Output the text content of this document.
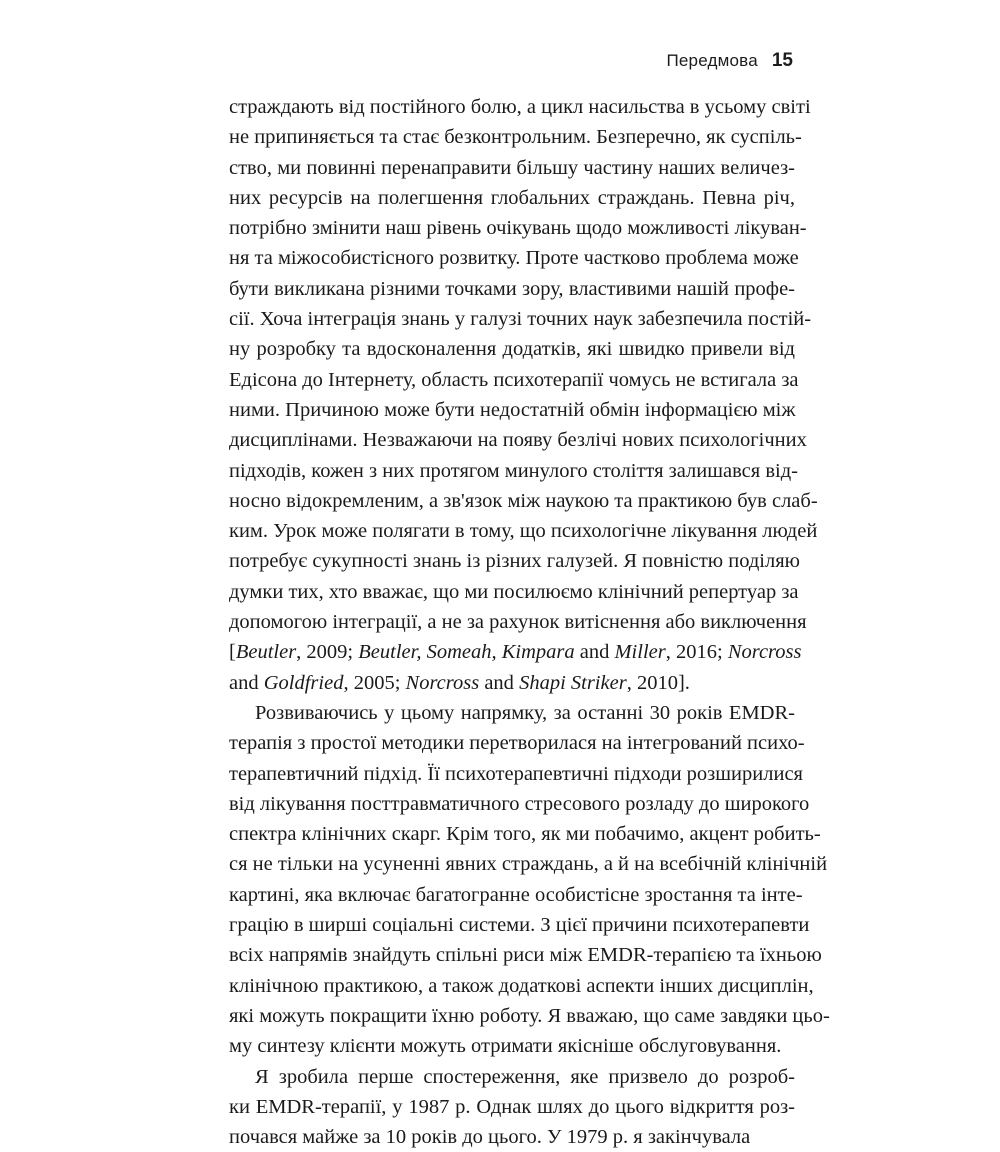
Передмова 15
страждають від постійного болю, а цикл насильства в усьому світі
не припиняється та стає безконтрольним. Безперечно, як суспіль-
ство, ми повинні перенаправити більшу частину наших величез-
них ресурсів на полегшення глобальних страждань. Певна річ,
потрібно змінити наш рівень очікувань щодо можливості лікуван-
ня та міжособистісного розвитку. Проте частково проблема може
бути викликана різними точками зору, властивими нашій профе-
сії. Хоча інтеграція знань у галузі точних наук забезпечила постій-
ну розробку та вдосконалення додатків, які швидко привели від
Едісона до Інтернету, область психотерапії чомусь не встигала за
ними. Причиною може бути недостатній обмін інформацією між
дисциплінами. Незважаючи на появу безлічі нових психологічних
підходів, кожен з них протягом минулого століття залишався від-
носно відокремленим, а зв'язок між наукою та практикою був слаб-
ким. Урок може полягати в тому, що психологічне лікування людей
потребує сукупності знань із різних галузей. Я повністю поділяю
думки тих, хто вважає, що ми посилюємо клінічний репертуар за
допомогою інтеграції, а не за рахунок витіснення або виключення
[Beutler, 2009; Beutler, Someah, Kimpara and Miller, 2016; Norcross
and Goldfried, 2005; Norcross and Shapi Striker, 2010].
Розвиваючись у цьому напрямку, за останні 30 років EMDR-
терапія з простої методики перетворилася на інтегрований психо-
терапевтичний підхід. Її психотерапевтичні підходи розширилися
від лікування посттравматичного стресового розладу до широкого
спектра клінічних скарг. Крім того, як ми побачимо, акцент робить-
ся не тільки на усуненні явних страждань, а й на всебічній клінічній
картині, яка включає багатогранне особистісне зростання та інте-
грацію в ширші соціальні системи. З цієї причини психотерапевти
всіх напрямів знайдуть спільні риси між EMDR-терапією та їхньою
клінічною практикою, а також додаткові аспекти інших дисциплін,
які можуть покращити їхню роботу. Я вважаю, що саме завдяки цьо-
му синтезу клієнти можуть отримати якісніше обслуговування.
Я зробила перше спостереження, яке призвело до розроб-
ки EMDR-терапії, у 1987 р. Однак шлях до цього відкриття роз-
почався майже за 10 років до цього. У 1979 р. я закінчувала
